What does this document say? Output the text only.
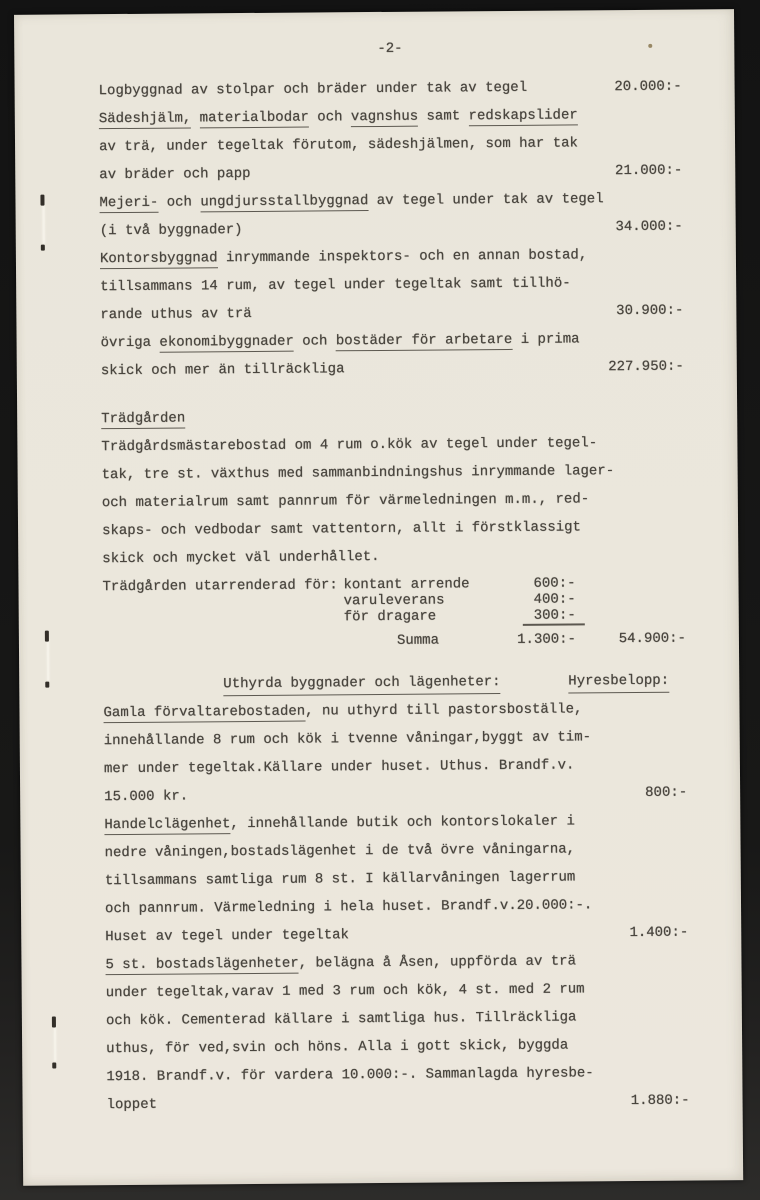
-2-
Logbyggnad av stolpar och bräder under tak av tegel	20.000:-
Sädeshjälm, materialbodar och vagnshus samt redskapslider
av trä, under tegeltak förutom, sädeshjälmen, som har tak
av bräder och papp	21.000:-
Mejeri- och ungdjursstallbyggnad av tegel under tak av tegel
(i två byggnader)	34.000:-
Kontorsbyggnad inrymmande inspektors- och en annan bostad,
tillsammans 14 rum, av tegel under tegeltak samt tillhö-
rande uthus av trä	30.900:-
övriga ekonomibyggnader och bostäder för arbetare i prima
skick och mer än tillräckliga	227.950:-
Trädgården
Trädgårdsmästarebostad om 4 rum o.kök av tegel under tegel-
tak, tre st. växthus med sammanbindningshus inrymmande lager-
och materialrum samt pannrum för värmeledningen m.m., red-
skaps- och vedbodar samt vattentorn, allt i förstklassigt
skick och mycket väl underhållet.
Trädgården utarrenderad för: kontant arrende	600:-
varuleverans	400:-
för dragare	300:-
Summa	1.300:-	54.900:-
Uthyrda byggnader och lägenheter:	Hyresbelopp:
Gamla förvaltarebostaden, nu uthyrd till pastorsboställe,
innehållande 8 rum och kök i tvenne våningar,byggt av tim-
mer under tegeltak.Källare under huset. Uthus. Brandf.v.
15.000 kr.	800:-
Handelclägenhet, innehållande butik och kontorslokaler i
nedre våningen,bostadslägenhet i de två övre våningarna,
tillsammans samtliga rum 8 st. I källarvåningen lagerrum
och pannrum. Värmeledning i hela huset. Brandf.v.20.000:-.
Huset av tegel under tegeltak	1.400:-
5 st. bostadslägenheter, belägna å Åsen, uppförda av trä
under tegeltak,varav 1 med 3 rum och kök, 4 st. med 2 rum
och kök. Cementerad källare i samtliga hus. Tillräckliga
uthus, för ved,svin och höns. Alla i gott skick, byggda
1918. Brandf.v. för vardera 10.000:-. Sammanlagda hyresbe-
loppet	1.880:-
